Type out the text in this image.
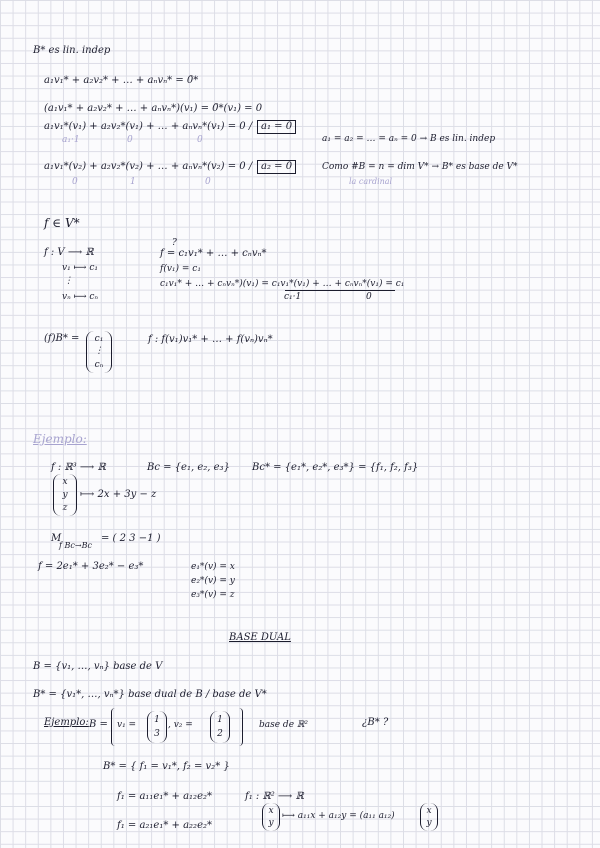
B* es lin. indep
a₁v₁* + a₂v₂* + … + aₙvₙ* = 0̄*
(a₁v₁* + a₂v₂* + … + aₙvₙ*)(v₁) = 0̄*(v₁) = 0
a₁v₁*(v₁) + a₂v₂*(v₁) + … + aₙvₙ*(v₁) = 0 / a₁ = 0
a₁·1	0	0	a₁ = a₂ = … = aₙ = 0 → B es lin. indep
a₁v₁*(v₂) + a₂v₂*(v₂) + … + aₙvₙ*(v₂) = 0 / a₂ = 0	Como #B = n = dim V* → B* es base de V*
0	1	0	la cardinal
f ∈ V*
f : V ⟶ ℝ
v₁ ⟼ c₁
⋮
vₙ ⟼ cₙ
?
f = c₁v₁* + … + cₙvₙ*
f(v₁) = c₁
c₁v₁* + … + cₙvₙ*)(v₁) = c₁v₁*(v₁) + … + cₙvₙ*(v₁) = c₁
c₁·1	0
(f)B* =	c₁
⋮
cₙ
f : f(v₁)v₁* + … + f(vₙ)vₙ*
Ejemplo:
f : ℝ³ ⟶ ℝ	Bc = {e₁, e₂, e₃} Bc* = {e₁*, e₂*, e₃*} = {f₁, f₂, f₃}
x
y
z
⟼ 2x + 3y − z
M
f Bc→Bc
= ( 2 3 −1 )
f = 2e₁* + 3e₂* − e₃*	e₁*(v) = x
e₂*(v) = y
e₃*(v) = z
BASE DUAL
B = {v₁, …, vₙ} base de V
B* = {v₁*, …, vₙ*} base dual de B / base de V*
Ejemplo: B = v₁ =	1
3
, v₂ =	1
2
base de ℝ²	¿B* ?
B* = { f₁ = v₁*, f₂ = v₂* }
f₁ = a₁₁e₁* + a₁₂e₂*
f₁ = a₂₁e₁* + a₂₂e₂*
f₁ : ℝ² ⟶ ℝ
x
y
⟼ a₁₁x + a₁₂y = (a₁₁ a₁₂)	x
y
